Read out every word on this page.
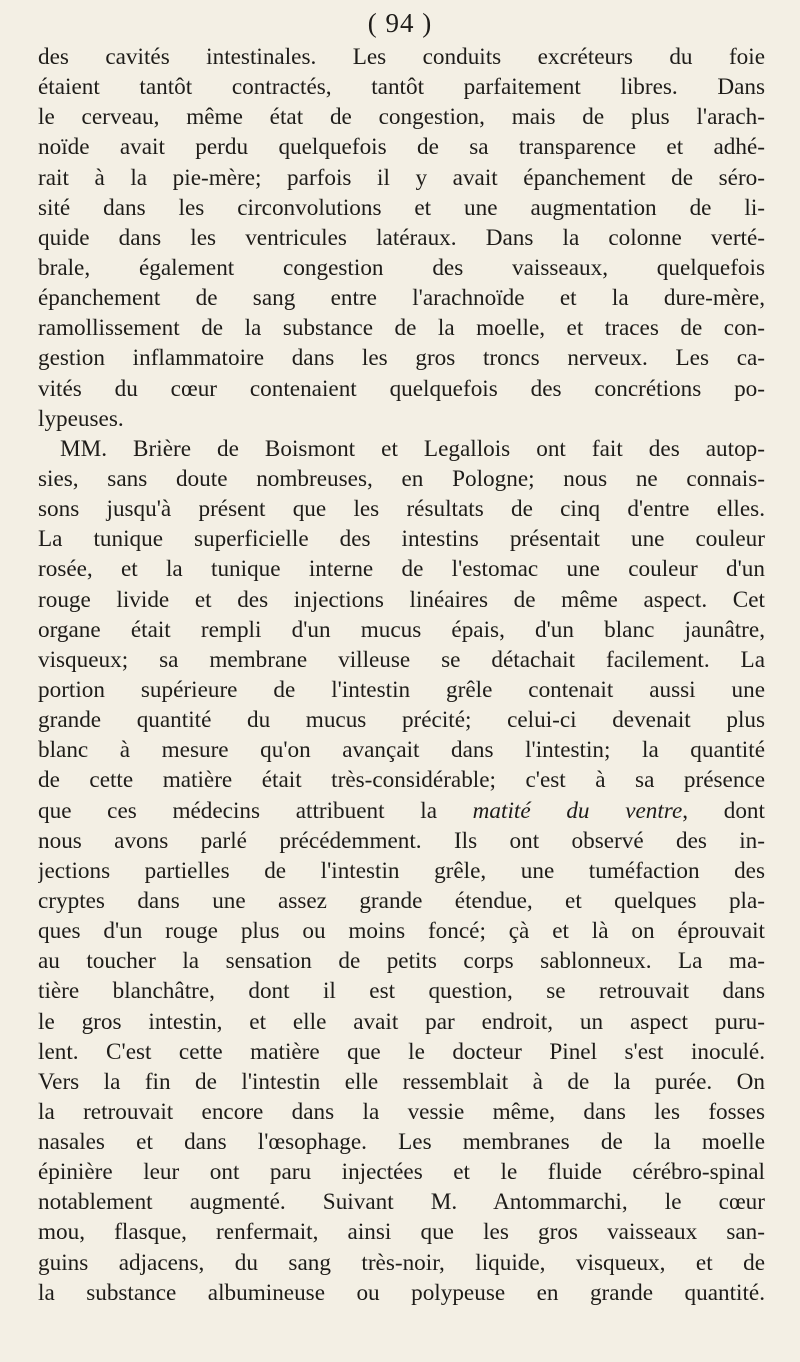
( 94 )
des cavités intestinales. Les conduits excréteurs du foie
étaient tantôt contractés, tantôt parfaitement libres. Dans
le cerveau, même état de congestion, mais de plus l'arach-
noïde avait perdu quelquefois de sa transparence et adhé-
rait à la pie-mère; parfois il y avait épanchement de séro-
sité dans les circonvolutions et une augmentation de li-
quide dans les ventricules latéraux. Dans la colonne verté-
brale, également congestion des vaisseaux, quelquefois
épanchement de sang entre l'arachnoïde et la dure-mère,
ramollissement de la substance de la moelle, et traces de con-
gestion inflammatoire dans les gros troncs nerveux. Les ca-
vités du cœur contenaient quelquefois des concrétions po-
lypeuses.
MM. Brière de Boismont et Legallois ont fait des autop-
sies, sans doute nombreuses, en Pologne; nous ne connais-
sons jusqu'à présent que les résultats de cinq d'entre elles.
La tunique superficielle des intestins présentait une couleur
rosée, et la tunique interne de l'estomac une couleur d'un
rouge livide et des injections linéaires de même aspect. Cet
organe était rempli d'un mucus épais, d'un blanc jaunâtre,
visqueux; sa membrane villeuse se détachait facilement. La
portion supérieure de l'intestin grêle contenait aussi une
grande quantité du mucus précité; celui-ci devenait plus
blanc à mesure qu'on avançait dans l'intestin; la quantité
de cette matière était très-considérable; c'est à sa présence
que ces médecins attribuent la matité du ventre, dont
nous avons parlé précédemment. Ils ont observé des in-
jections partielles de l'intestin grêle, une tuméfaction des
cryptes dans une assez grande étendue, et quelques pla-
ques d'un rouge plus ou moins foncé; çà et là on éprouvait
au toucher la sensation de petits corps sablonneux. La ma-
tière blanchâtre, dont il est question, se retrouvait dans
le gros intestin, et elle avait par endroit, un aspect puru-
lent. C'est cette matière que le docteur Pinel s'est inoculé.
Vers la fin de l'intestin elle ressemblait à de la purée. On
la retrouvait encore dans la vessie même, dans les fosses
nasales et dans l'œsophage. Les membranes de la moelle
épinière leur ont paru injectées et le fluide cérébro-spinal
notablement augmenté. Suivant M. Antommarchi, le cœur
mou, flasque, renfermait, ainsi que les gros vaisseaux san-
guins adjacens, du sang très-noir, liquide, visqueux, et de
la substance albumineuse ou polypeuse en grande quantité.
